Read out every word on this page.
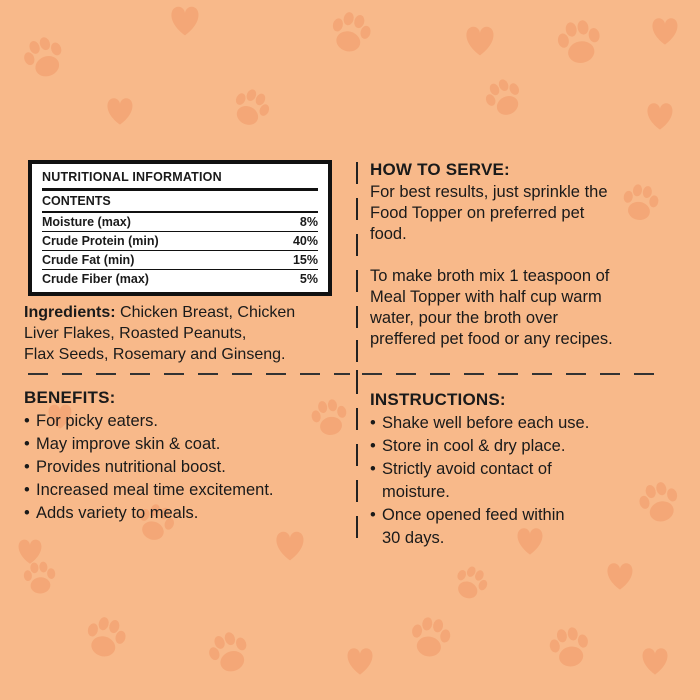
NUTRITIONAL INFORMATION
CONTENTS
Moisture (max)	8%
Crude Protein (min)	40%
Crude Fat (min)	15%
Crude Fiber (max)	5%
Ingredients: Chicken Breast, Chicken
Liver Flakes, Roasted Peanuts,
Flax Seeds, Rosemary and Ginseng.
HOW TO SERVE:

For best results, just sprinkle the
Food Topper on preferred pet
food.

To make broth mix 1 teaspoon of
Meal Topper with half cup warm
water, pour the broth over
preffered pet food or any recipes.

BENEFITS:
• For picky eaters.
• May improve skin & coat.
• Provides nutritional boost.
• Increased meal time excitement.
• Adds variety to meals.
INSTRUCTIONS:
• Shake well before each use.
• Store in cool & dry place.
• Strictly avoid contact of
moisture.
• Once opened feed within
30 days.
